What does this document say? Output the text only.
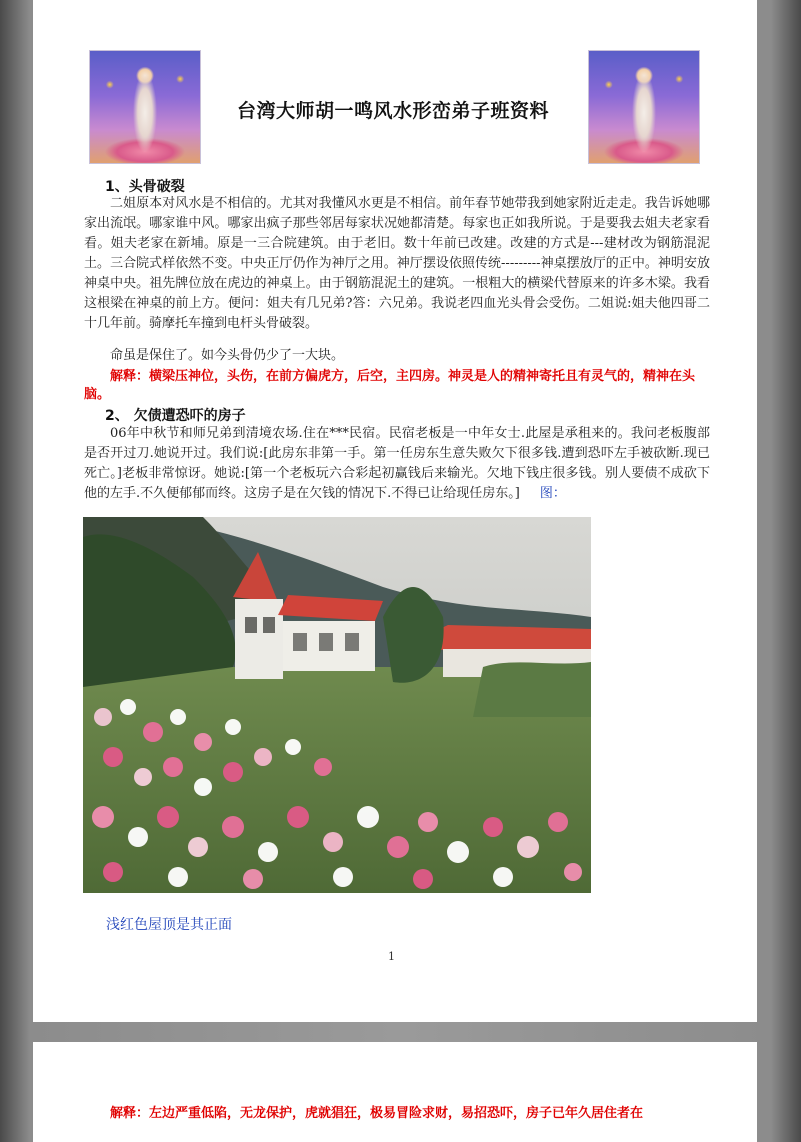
台湾大师胡一鸣风水形峦弟子班资料
1、头骨破裂

二姐原本对风水是不相信的。尤其对我懂风水更是不相信。前年春节她带我到她家附近走走。我告诉她哪家出流氓。哪家谁中风。哪家出疯子那些邻居每家状况她都清楚。每家也正如我所说。于是要我去姐夫老家看看。姐夫老家在新埔。原是一三合院建筑。由于老旧。数十年前已改建。改建的方式是---建材改为钢筋混泥土。三合院式样依然不变。中央正厅仍作为神厅之用。神厅摆设依照传统---------神桌摆放厅的正中。神明安放神桌中央。祖先牌位放在虎边的神桌上。由于钢筋混泥土的建筑。一根粗大的横梁代替原来的许多木梁。我看这根梁在神桌的前上方。便问：姐夫有几兄弟?答：六兄弟。我说老四血光头骨会受伤。二姐说:姐夫他四哥二十几年前。骑摩托车撞到电杆头骨破裂。

命虽是保住了。如今头骨仍少了一大块。

解释：横梁压神位，头伤，在前方偏虎方，后空，主四房。神灵是人的精神寄托且有灵气的，精神在头脑。

2、 欠债遭恐吓的房子

06年中秋节和师兄弟到清境农场.住在***民宿。民宿老板是一中年女士.此屋是承租来的。我问老板腹部是否开过刀.她说开过。我们说:[此房东非第一手。第一任房东生意失败欠下很多钱.遭到恐吓左手被砍断.现已死亡。]老板非常惊讶。她说:[第一个老板玩六合彩起初赢钱后来输光。欠地下钱庄很多钱。别人要债不成砍下他的左手.不久便郁郁而终。这房子是在欠钱的情况下.不得已让给现任房东。] 图：

浅红色屋顶是其正面
1

解释：左边严重低陷，无龙保护，虎就猖狂，极易冒险求财，易招恐吓，房子已年久居住者在
